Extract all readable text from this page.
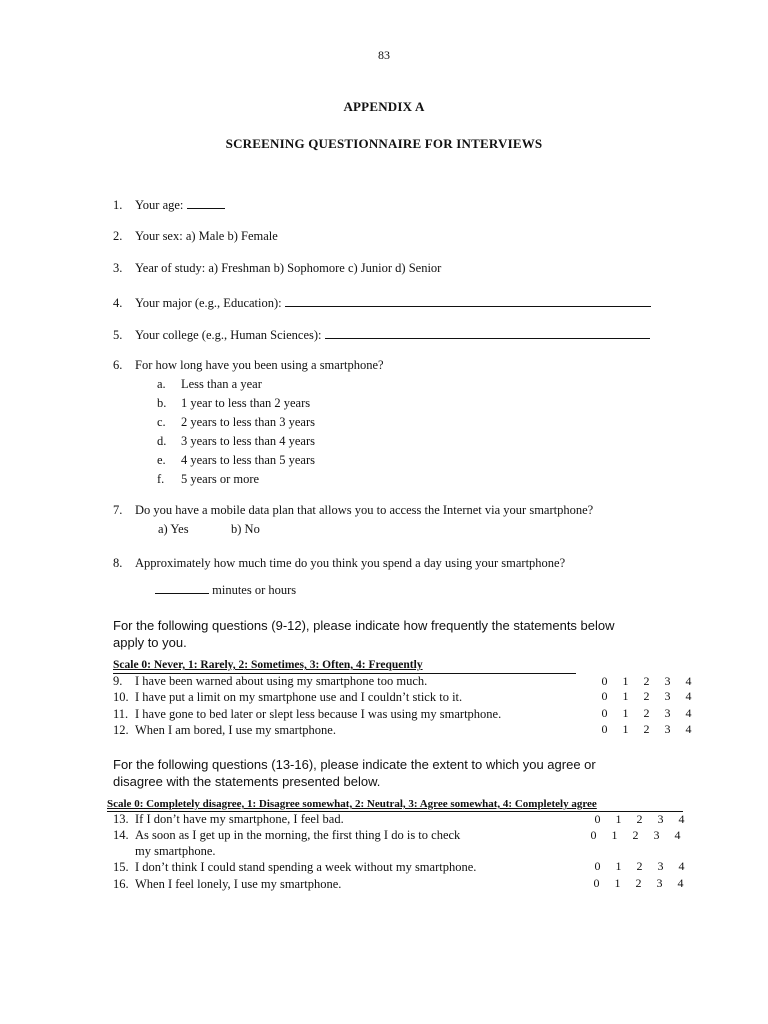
83
APPENDIX A
SCREENING QUESTIONNAIRE FOR INTERVIEWS
1. Your age:
2. Your sex: a) Male b) Female
3. Year of study: a) Freshman b) Sophomore c) Junior d) Senior
4. Your major (e.g., Education):
5. Your college (e.g., Human Sciences):
6. For how long have you been using a smartphone?
a. Less than a year
b. 1 year to less than 2 years
c. 2 years to less than 3 years
d. 3 years to less than 4 years
e. 4 years to less than 5 years
f. 5 years or more
7. Do you have a mobile data plan that allows you to access the Internet via your smartphone?
a) Yes	b) No
8. Approximately how much time do you think you spend a day using your smartphone?
minutes or hours
For the following questions (9-12), please indicate how frequently the statements below apply to you.
Scale 0: Never, 1: Rarely, 2: Sometimes, 3: Often, 4: Frequently
9. I have been warned about using my smartphone too much.
10. I have put a limit on my smartphone use and I couldn’t stick to it.
11. I have gone to bed later or slept less because I was using my smartphone.
12. When I am bored, I use my smartphone.
0 1 2 3 4
0 1 2 3 4
0 1 2 3 4
0 1 2 3 4
For the following questions (13-16), please indicate the extent to which you agree or disagree with the statements presented below.
Scale 0: Completely disagree, 1: Disagree somewhat, 2: Neutral, 3: Agree somewhat, 4: Completely agree
13. If I don’t have my smartphone, I feel bad.
14. As soon as I get up in the morning, the first thing I do is to check
my smartphone.
15. I don’t think I could stand spending a week without my smartphone.
16. When I feel lonely, I use my smartphone.
0 1 2 3 4
0 1 2 3 4
0 1 2 3 4
0 1 2 3 4
